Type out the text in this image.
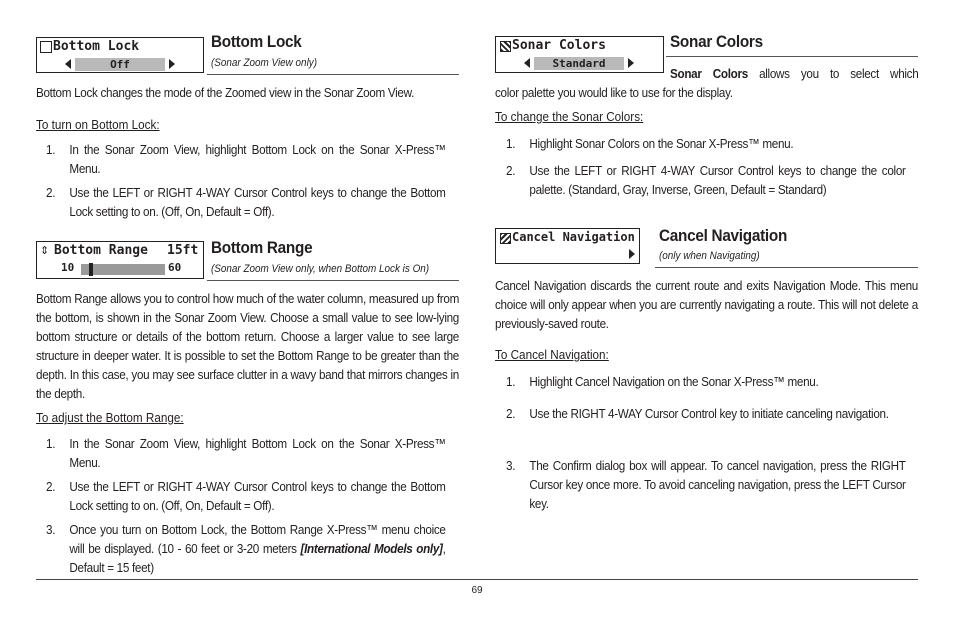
Bottom Lock
Off
Bottom Lock
(Sonar Zoom View only)
Bottom Lock changes the mode of the Zoomed view in the Sonar Zoom View.
To turn on Bottom Lock:
1. In the Sonar Zoom View, highlight Bottom Lock on the Sonar X-Press™ Menu.
2. Use the LEFT or RIGHT 4-WAY Cursor Control keys to change the Bottom Lock setting to on. (Off, On, Default = Off).
⇕ Bottom Range 15ft
10	60
Bottom Range
(Sonar Zoom View only, when Bottom Lock is On)
Bottom Range allows you to control how much of the water column, measured up from the bottom, is shown in the Sonar Zoom View. Choose a small value to see low-lying bottom structure or details of the bottom return. Choose a larger value to see large structure in deeper water. It is possible to set the Bottom Range to be greater than the depth. In this case, you may see surface clutter in a wavy band that mirrors changes in the depth.
To adjust the Bottom Range:
1. In the Sonar Zoom View, highlight Bottom Lock on the Sonar X-Press™ Menu.
2. Use the LEFT or RIGHT 4-WAY Cursor Control keys to change the Bottom Lock setting to on. (Off, On, Default = Off).
3. Once you turn on Bottom Lock, the Bottom Range X-Press™ menu choice will be displayed. (10 - 60 feet or 3-20 meters [International Models only], Default = 15 feet)
Sonar Colors
Standard
Sonar Colors
Sonar Colors allows you to select which
color palette you would like to use for the display.
To change the Sonar Colors:
1. Highlight Sonar Colors on the Sonar X-Press™ menu.
2. Use the LEFT or RIGHT 4-WAY Cursor Control keys to change the color palette. (Standard, Gray, Inverse, Green, Default = Standard)
Cancel Navigation Cancel Navigation
(only when Navigating)
Cancel Navigation discards the current route and exits Navigation Mode. This menu choice will only appear when you are currently navigating a route. This will not delete a previously-saved route.
To Cancel Navigation:
1. Highlight Cancel Navigation on the Sonar X-Press™ menu.
2. Use the RIGHT 4-WAY Cursor Control key to initiate canceling navigation.
3. The Confirm dialog box will appear. To cancel navigation, press the RIGHT Cursor key once more. To avoid canceling navigation, press the LEFT Cursor key.
69
